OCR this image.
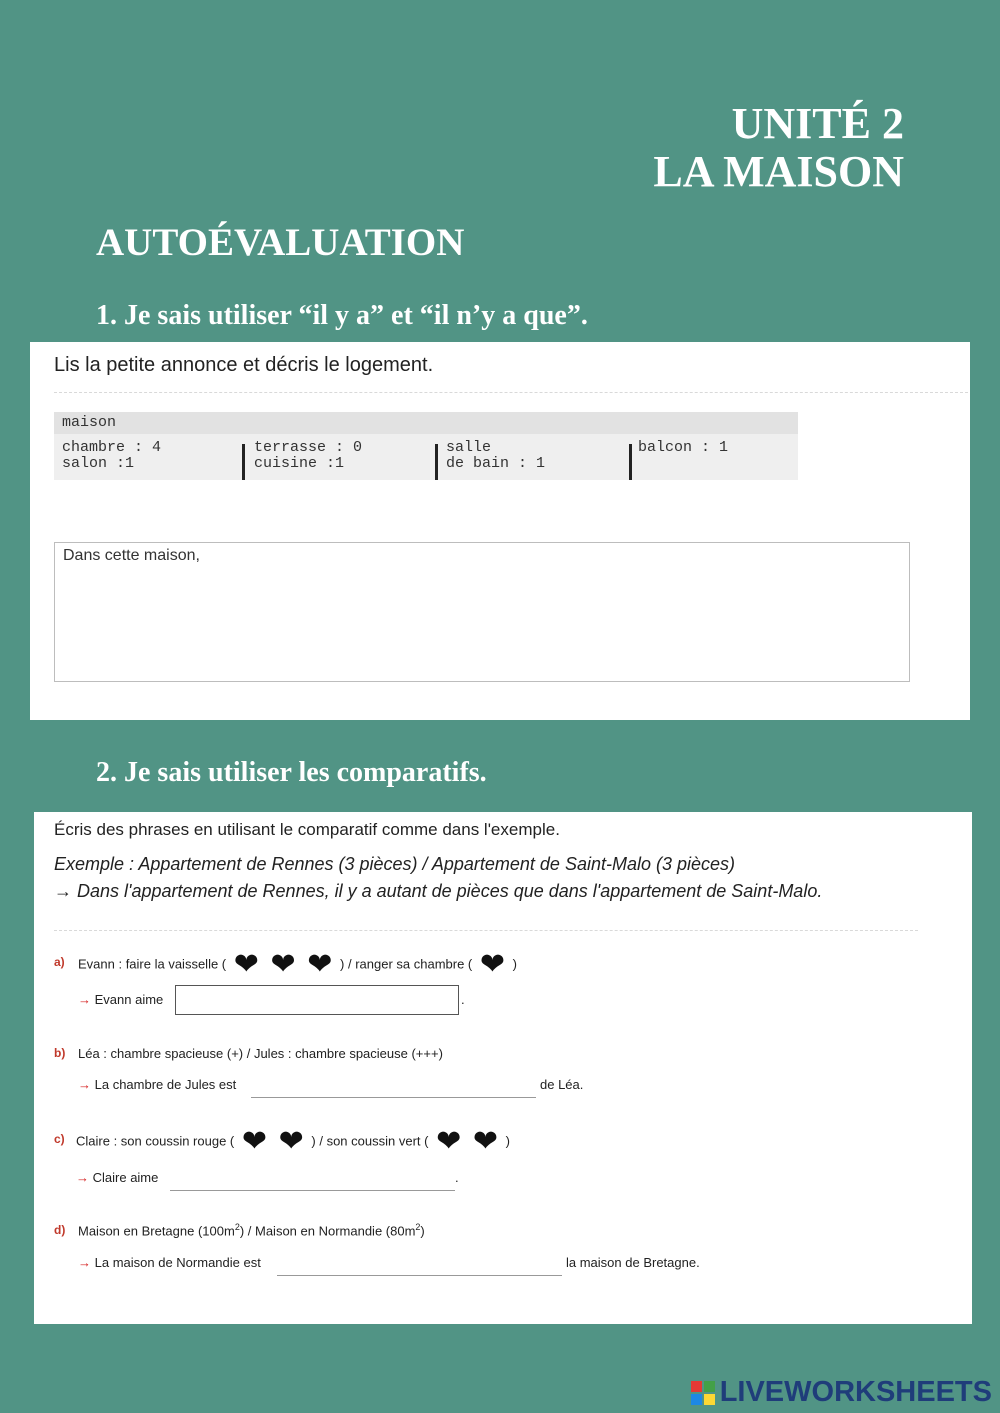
UNITÉ 2
LA MAISON
AUTOÉVALUATION
1. Je sais utiliser “il y a” et “il n’y a que”.
Lis la petite annonce et décris le logement.
maison
chambre : 4
salon :1
terrasse : 0
cuisine :1
salle
de bain : 1
balcon : 1
Dans cette maison,
2. Je sais utiliser les comparatifs.
Écris des phrases en utilisant le comparatif comme dans l'exemple.
Exemple : Appartement de Rennes (3 pièces) / Appartement de Saint-Malo (3 pièces)
→ Dans l'appartement de Rennes, il y a autant de pièces que dans l'appartement de Saint-Malo.
a) Evann : faire la vaisselle ( ❤ ❤ ❤ ) / ranger sa chambre ( ❤ )
→ Evann aime	.
b) Léa : chambre spacieuse (+) / Jules : chambre spacieuse (+++)
→ La chambre de Jules est	de Léa.
c) Claire : son coussin rouge ( ❤ ❤ ) / son coussin vert ( ❤ ❤ )
→ Claire aime	.
d) Maison en Bretagne $(100m^2)$ / Maison en Normandie $(80m^2)$
→ La maison de Normandie est	la maison de Bretagne.
LIVEWORKSHEETS
